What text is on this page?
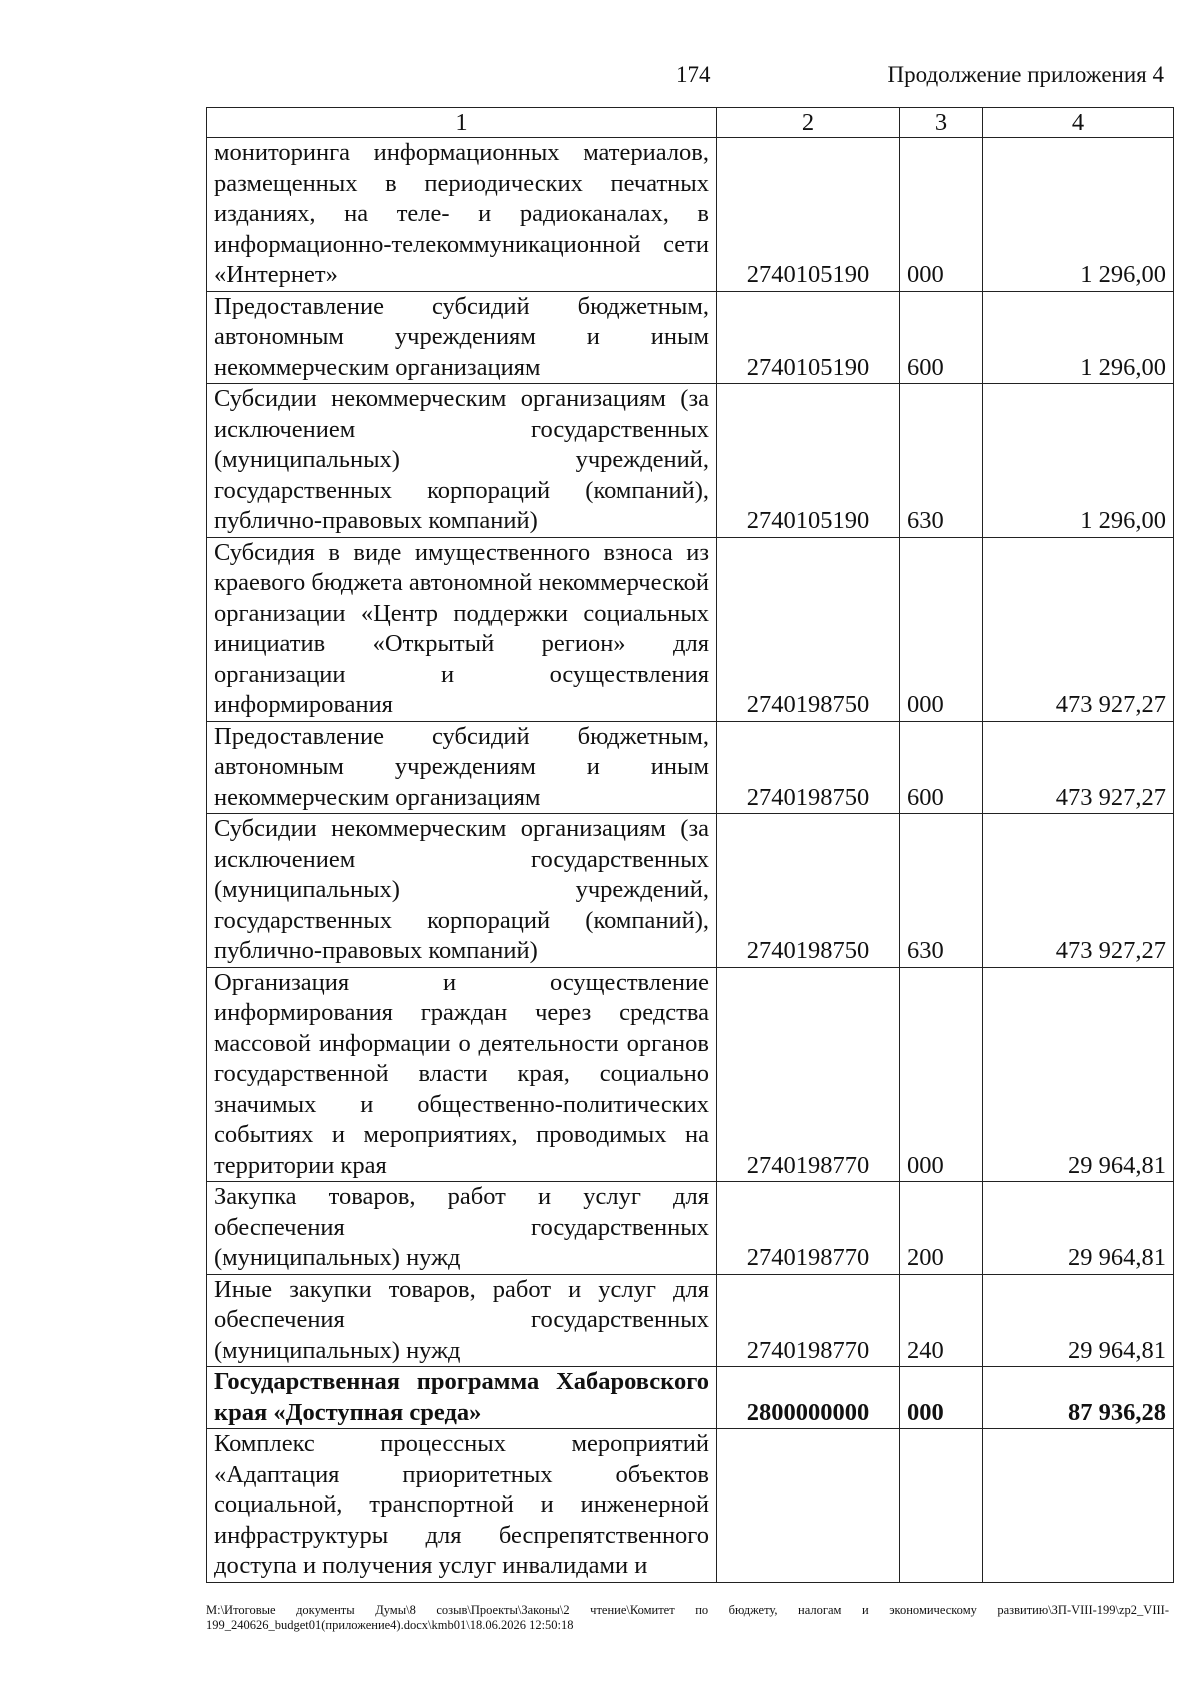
174	Продолжение приложения 4
1	2	3	4
мониторинга информационных материалов, размещенных в периодических печатных изданиях, на теле- и радиоканалах, в информационно-телекоммуникационной сети «Интернет»	2740105190	000	1 296,00
Предоставление субсидий бюджетным, автономным учреждениям и иным некоммерческим организациям	2740105190	600	1 296,00
Субсидии некоммерческим организациям (за исключением государственных (муниципальных) учреждений, государственных корпораций (компаний), публично-правовых компаний)	2740105190	630	1 296,00
Субсидия в виде имущественного взноса из краевого бюджета автономной некоммерческой организации «Центр поддержки социальных инициатив «Открытый регион» для организации и осуществления информирования	2740198750	000	473 927,27
Предоставление субсидий бюджетным, автономным учреждениям и иным некоммерческим организациям	2740198750	600	473 927,27
Субсидии некоммерческим организациям (за исключением государственных (муниципальных) учреждений, государственных корпораций (компаний), публично-правовых компаний)	2740198750	630	473 927,27
Организация и осуществление информирования граждан через средства массовой информации о деятельности органов государственной власти края, социально значимых и общественно-политических событиях и мероприятиях, проводимых на территории края	2740198770	000	29 964,81
Закупка товаров, работ и услуг для обеспечения государственных (муниципальных) нужд	2740198770	200	29 964,81
Иные закупки товаров, работ и услуг для обеспечения государственных (муниципальных) нужд	2740198770	240	29 964,81
Государственная программа Хабаровского края «Доступная среда»	2800000000	000	87 936,28
Комплекс процессных мероприятий «Адаптация приоритетных объектов социальной, транспортной и инженерной инфраструктуры для беспрепятственного доступа и получения услуг инвалидами и			
M:\Итоговые документы Думы\8 созыв\Проекты\Законы\2 чтение\Комитет по бюджету, налогам и экономическому развитию\ЗП-VIII-199\zp2_VIII-199_240626_budget01(приложение4).docx\kmb01\18.06.2026 12:50:18
